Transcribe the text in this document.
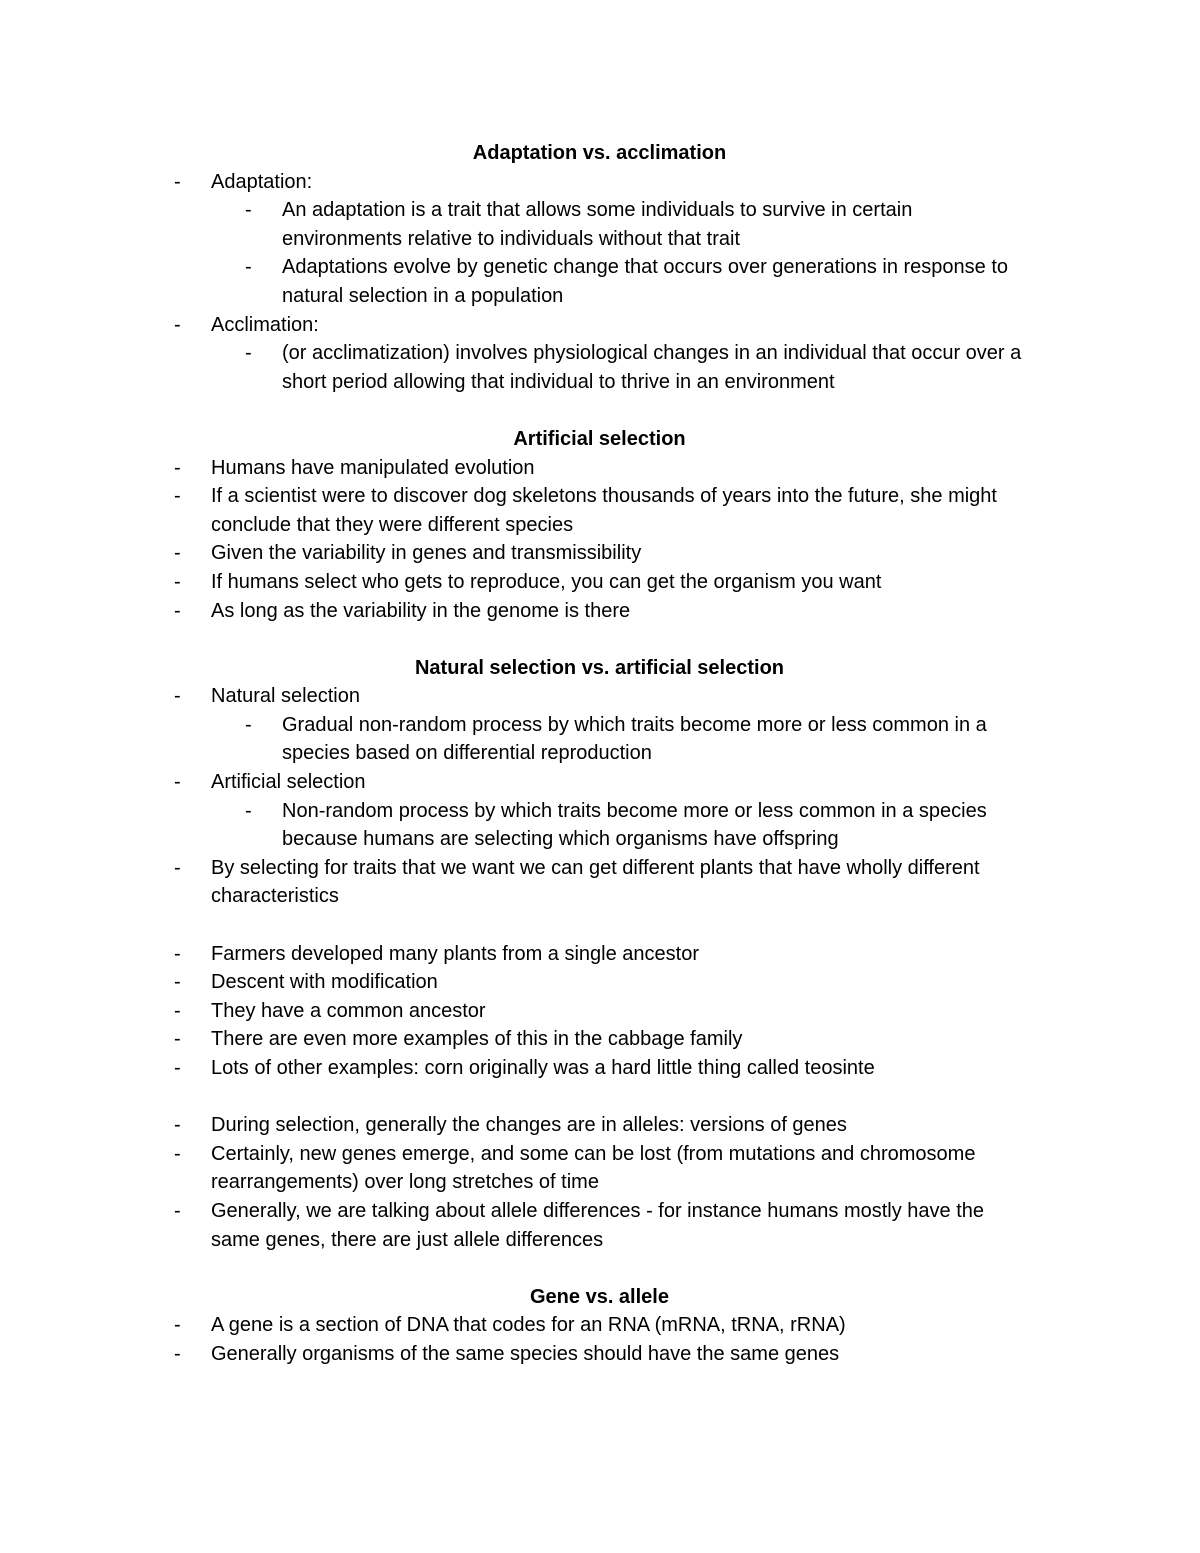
Adaptation vs. acclimation
- Adaptation:
- An adaptation is a trait that allows some individuals to survive in certain environments relative to individuals without that trait
- Adaptations evolve by genetic change that occurs over generations in response to natural selection in a population
- Acclimation:
- (or acclimatization) involves physiological changes in an individual that occur over a short period allowing that individual to thrive in an environment
Artificial selection
- Humans have manipulated evolution
- If a scientist were to discover dog skeletons thousands of years into the future, she might conclude that they were different species
- Given the variability in genes and transmissibility
- If humans select who gets to reproduce, you can get the organism you want
- As long as the variability in the genome is there
Natural selection vs. artificial selection
- Natural selection
- Gradual non-random process by which traits become more or less common in a species based on differential reproduction
- Artificial selection
- Non-random process by which traits become more or less common in a species because humans are selecting which organisms have offspring
- By selecting for traits that we want we can get different plants that have wholly different characteristics
- Farmers developed many plants from a single ancestor
- Descent with modification
- They have a common ancestor
- There are even more examples of this in the cabbage family
- Lots of other examples: corn originally was a hard little thing called teosinte
- During selection, generally the changes are in alleles: versions of genes
- Certainly, new genes emerge, and some can be lost (from mutations and chromosome rearrangements) over long stretches of time
- Generally, we are talking about allele differences - for instance humans mostly have the same genes, there are just allele differences
Gene vs. allele
- A gene is a section of DNA that codes for an RNA (mRNA, tRNA, rRNA)
- Generally organisms of the same species should have the same genes
